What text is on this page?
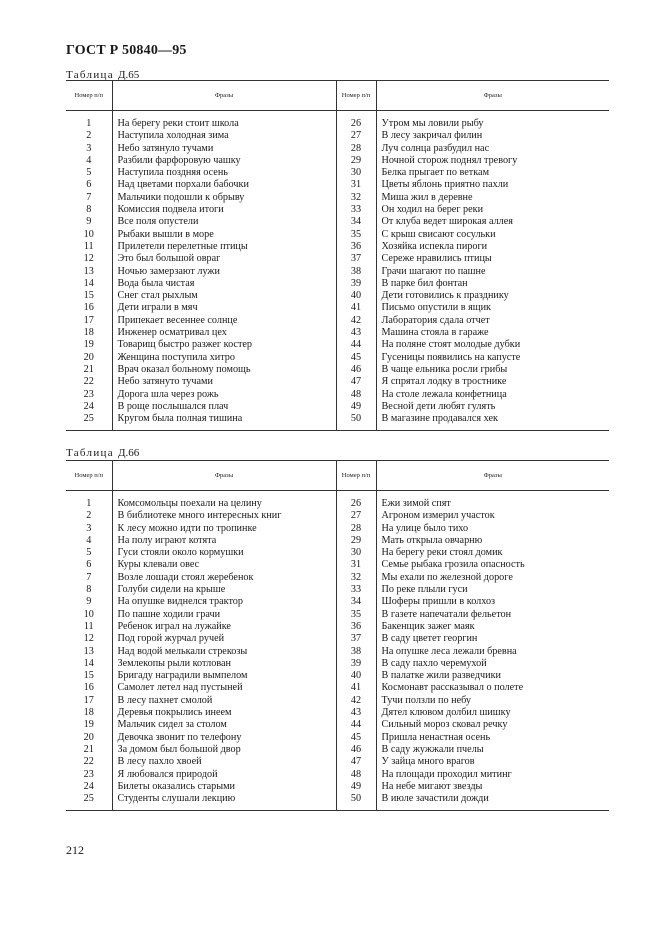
ГОСТ Р 50840—95
Таблица Д.65
Номер п/п	Фразы	Номер п/п	Фразы
1	На берегу реки стоит школа	26	Утром мы ловили рыбу
2	Наступила холодная зима	27	В лесу закричал филин
3	Небо затянуло тучами	28	Луч солнца разбудил нас
4	Разбили фарфоровую чашку	29	Ночной сторож поднял тревогу
5	Наступила поздняя осень	30	Белка прыгает по веткам
6	Над цветами порхали бабочки	31	Цветы яблонь приятно пахли
7	Мальчики подошли к обрыву	32	Миша жил в деревне
8	Комиссия подвела итоги	33	Он ходил на берег реки
9	Все поля опустели	34	От клуба ведет широкая аллея
10	Рыбаки вышли в море	35	С крыш свисают сосульки
11	Прилетели перелетные птицы	36	Хозяйка испекла пироги
12	Это был большой овраг	37	Сереже нравились птицы
13	Ночью замерзают лужи	38	Грачи шагают по пашне
14	Вода была чистая	39	В парке бил фонтан
15	Снег стал рыхлым	40	Дети готовились к празднику
16	Дети играли в мяч	41	Письмо опустили в ящик
17	Припекает весеннее солнце	42	Лаборатория сдала отчет
18	Инженер осматривал цех	43	Машина стояла в гараже
19	Товарищ быстро разжег костер	44	На поляне стоят молодые дубки
20	Женщина поступила хитро	45	Гусеницы появились на капусте
21	Врач оказал больному помощь	46	В чаще ельника росли грибы
22	Небо затянуто тучами	47	Я спрятал лодку в тростнике
23	Дорога шла через рожь	48	На столе лежала конфетница
24	В роще послышался плач	49	Весной дети любят гулять
25	Кругом была полная тишина	50	В магазине продавался хек
Таблица Д.66
Номер п/п	Фразы	Номер п/п	Фразы
1	Комсомольцы поехали на целину	26	Ежи зимой спят
2	В библиотеке много интересных книг	27	Агроном измерил участок
3	К лесу можно идти по тропинке	28	На улице было тихо
4	На полу играют котята	29	Мать открыла овчарню
5	Гуси стояли около кормушки	30	На берегу реки стоял домик
6	Куры клевали овес	31	Семье рыбака грозила опасность
7	Возле лошади стоял жеребенок	32	Мы ехали по железной дороге
8	Голуби сидели на крыше	33	По реке плыли гуси
9	На опушке виднелся трактор	34	Шоферы пришли в колхоз
10	По пашне ходили грачи	35	В газете напечатали фельетон
11	Ребенок играл на лужайке	36	Бакенщик зажег маяк
12	Под горой журчал ручей	37	В саду цветет георгин
13	Над водой мелькали стрекозы	38	На опушке леса лежали бревна
14	Землекопы рыли котлован	39	В саду пахло черемухой
15	Бригаду наградили вымпелом	40	В палатке жили разведчики
16	Самолет летел над пустыней	41	Космонавт рассказывал о полете
17	В лесу пахнет смолой	42	Тучи ползли по небу
18	Деревья покрылись инеем	43	Дятел клювом долбил шишку
19	Мальчик сидел за столом	44	Сильный мороз сковал речку
20	Девочка звонит по телефону	45	Пришла ненастная осень
21	За домом был большой двор	46	В саду жужжали пчелы
22	В лесу пахло хвоей	47	У зайца много врагов
23	Я любовался природой	48	На площади проходил митинг
24	Билеты оказались старыми	49	На небе мигают звезды
25	Студенты слушали лекцию	50	В июле зачастили дожди
212
